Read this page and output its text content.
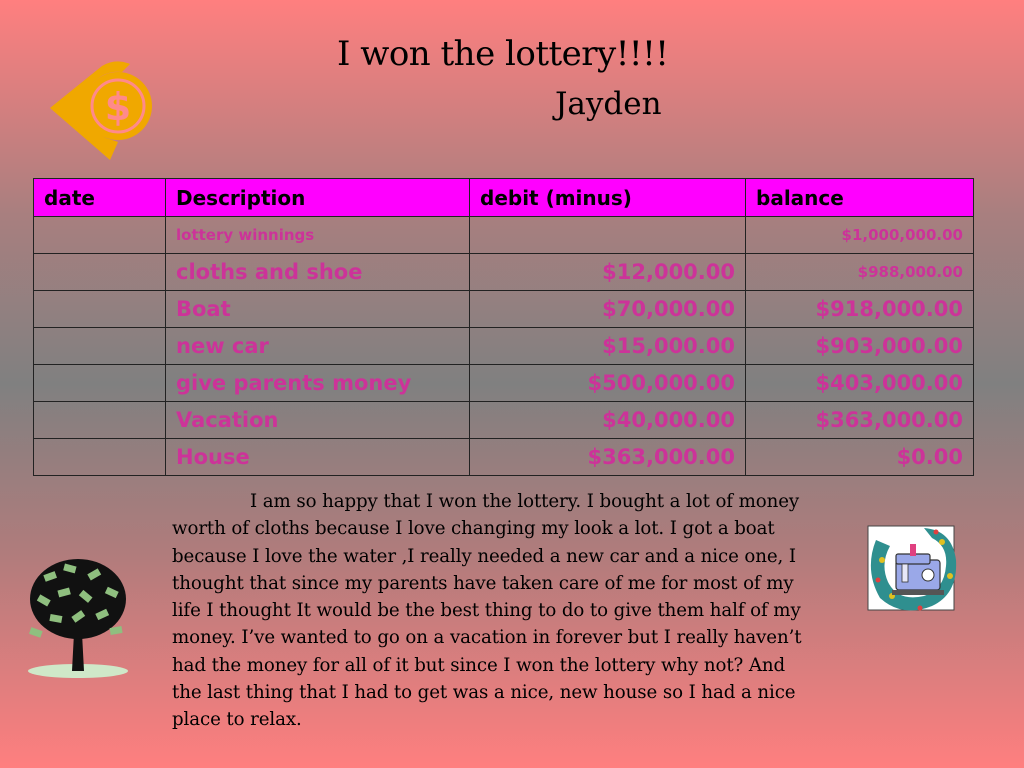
I won the lottery!!!!
Jayden
$
date	Description	debit (minus)	balance
	lottery winnings		$1,000,000.00
	cloths and shoe	$12,000.00	$988,000.00
	Boat	$70,000.00	$918,000.00
	new car	$15,000.00	$903,000.00
	give parents money	$500,000.00	$403,000.00
	Vacation	$40,000.00	$363,000.00
	House	$363,000.00	$0.00
I am so happy that I won the lottery. I bought a lot of money worth of cloths because I love changing my look a lot. I got a boat because I love the water ,I really needed a new car and a nice one, I thought that since my parents have taken care of me for most of my life I thought It would be the best thing to do to give them half of my money. I’ve wanted to go on a vacation in forever but I really haven’t had the money for all of it but since I won the lottery why not? And the last thing that I had to get was a nice, new house so I had a nice place to relax.
